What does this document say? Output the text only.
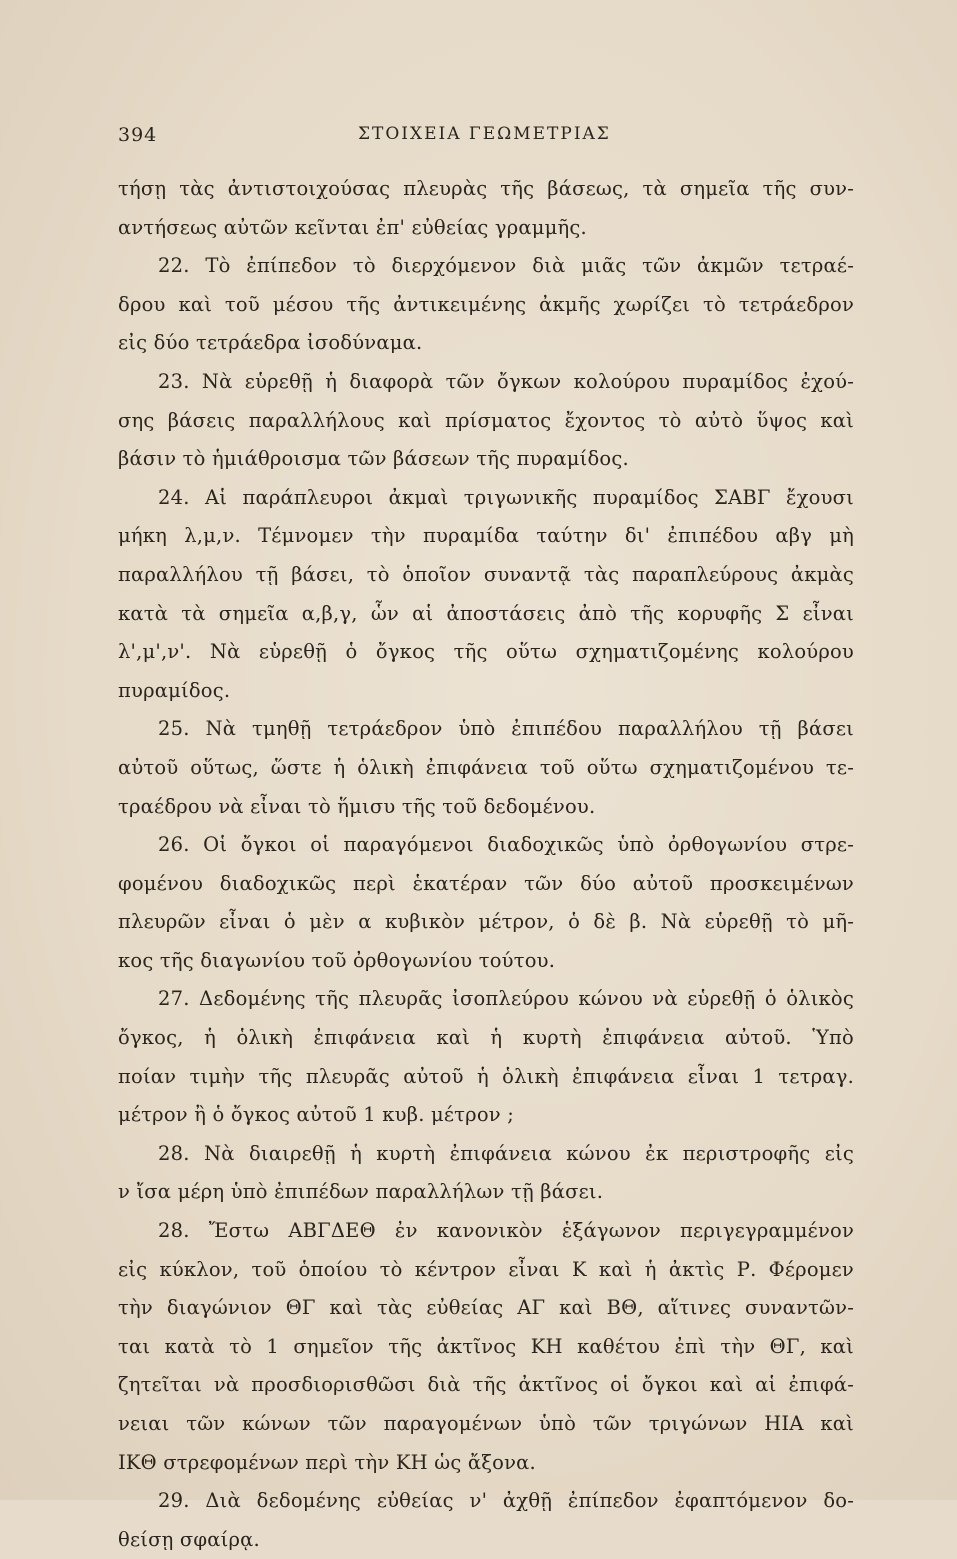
394	ΣΤΟΙΧΕΙΑ ΓΕΩΜΕΤΡΙΑΣ
τήσῃ τὰς ἀντιστοιχούσας πλευρὰς τῆς βάσεως, τὰ σημεῖα τῆς συν-
αντήσεως αὐτῶν κεῖνται ἐπ' εὐθείας γραμμῆς.
22. Τὸ ἐπίπεδον τὸ διερχόμενον διὰ μιᾶς τῶν ἀκμῶν τετραέ-
δρου καὶ τοῦ μέσου τῆς ἀντικειμένης ἀκμῆς χωρίζει τὸ τετράεδρον
εἰς δύο τετράεδρα ἰσοδύναμα.
23. Νὰ εὑρεθῇ ἡ διαφορὰ τῶν ὄγκων κολούρου πυραμίδος ἐχού-
σης βάσεις παραλλήλους καὶ πρίσματος ἔχοντος τὸ αὐτὸ ὕψος καὶ
βάσιν τὸ ἡμιάθροισμα τῶν βάσεων τῆς πυραμίδος.
24. Αἱ παράπλευροι ἀκμαὶ τριγωνικῆς πυραμίδος ΣΑΒΓ ἔχουσι
μήκη λ,μ,ν. Τέμνομεν τὴν πυραμίδα ταύτην δι' ἐπιπέδου αβγ μὴ
παραλλήλου τῇ βάσει, τὸ ὁποῖον συναντᾷ τὰς παραπλεύρους ἀκμὰς
κατὰ τὰ σημεῖα α,β,γ, ὧν αἱ ἀποστάσεις ἀπὸ τῆς κορυφῆς Σ εἶναι
λ',μ',ν'. Νὰ εὑρεθῇ ὁ ὄγκος τῆς οὕτω σχηματιζομένης κολούρου
πυραμίδος.
25. Νὰ τμηθῇ τετράεδρον ὑπὸ ἐπιπέδου παραλλήλου τῇ βάσει
αὐτοῦ οὕτως, ὥστε ἡ ὁλικὴ ἐπιφάνεια τοῦ οὕτω σχηματιζομένου τε-
τραέδρου νὰ εἶναι τὸ ἥμισυ τῆς τοῦ δεδομένου.
26. Οἱ ὄγκοι οἱ παραγόμενοι διαδοχικῶς ὑπὸ ὀρθογωνίου στρε-
φομένου διαδοχικῶς περὶ ἑκατέραν τῶν δύο αὐτοῦ προσκειμένων
πλευρῶν εἶναι ὁ μὲν α κυβικὸν μέτρον, ὁ δὲ β. Νὰ εὑρεθῇ τὸ μῆ-
κος τῆς διαγωνίου τοῦ ὀρθογωνίου τούτου.
27. Δεδομένης τῆς πλευρᾶς ἰσοπλεύρου κώνου νὰ εὑρεθῇ ὁ ὁλικὸς
ὄγκος, ἡ ὁλικὴ ἐπιφάνεια καὶ ἡ κυρτὴ ἐπιφάνεια αὐτοῦ. Ὑπὸ
ποίαν τιμὴν τῆς πλευρᾶς αὐτοῦ ἡ ὁλικὴ ἐπιφάνεια εἶναι 1 τετραγ.
μέτρον ἢ ὁ ὄγκος αὐτοῦ 1 κυβ. μέτρον ;
28. Νὰ διαιρεθῇ ἡ κυρτὴ ἐπιφάνεια κώνου ἐκ περιστροφῆς εἰς
ν ἴσα μέρη ὑπὸ ἐπιπέδων παραλλήλων τῇ βάσει.
28. Ἔστω ΑΒΓΔΕΘ ἐν κανονικὸν ἑξάγωνον περιγεγραμμένον
εἰς κύκλον, τοῦ ὁποίου τὸ κέντρον εἶναι Κ καὶ ἡ ἀκτὶς Ρ. Φέρομεν
τὴν διαγώνιον ΘΓ καὶ τὰς εὐθείας ΑΓ καὶ ΒΘ, αἵτινες συναντῶν-
ται κατὰ τὸ 1 σημεῖον τῆς ἀκτῖνος ΚΗ καθέτου ἐπὶ τὴν ΘΓ, καὶ
ζητεῖται νὰ προσδιορισθῶσι διὰ τῆς ἀκτῖνος οἱ ὄγκοι καὶ αἱ ἐπιφά-
νειαι τῶν κώνων τῶν παραγομένων ὑπὸ τῶν τριγώνων ΗΙΑ καὶ
ΙΚΘ στρεφομένων περὶ τὴν ΚΗ ὡς ἄξονα.
29. Διὰ δεδομένης εὐθείας ν' ἀχθῇ ἐπίπεδον ἐφαπτόμενον δο-
θείσῃ σφαίρᾳ.
